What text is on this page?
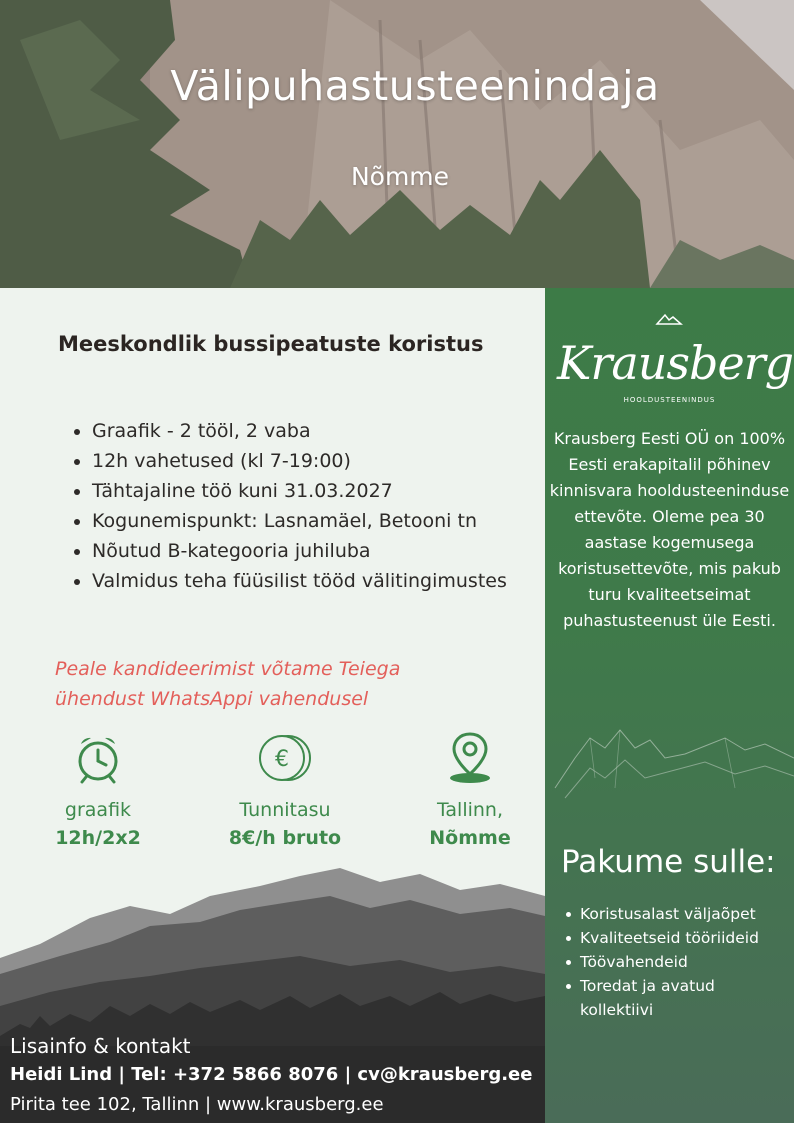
Välipuhastusteenindaja
Nõmme
Meeskondlik bussipeatuste koristus
Graafik - 2 tööl, 2 vaba
12h vahetused (kl 7-19:00)
Tähtajaline töö kuni 31.03.2027
Kogunemispunkt: Lasnamäel, Betooni tn
Nõutud B-kategooria juhiluba
Valmidus teha füüsilist tööd välitingimustes
Peale kandideerimist võtame Teiega ühendust WhatsAppi vahendusel
graafik
12h/2x2
€
Tunnitasu
8€/h bruto
Tallinn,
Nõmme
Lisainfo & kontakt
Heidi Lind | Tel: +372 5866 8076 | cv@krausberg.ee
Pirita tee 102, Tallinn | www.krausberg.ee
Krausberg
HOOLDUSTEENINDUS
Krausberg Eesti OÜ on 100% Eesti erakapitalil põhinev kinnisvara hooldusteeninduse ettevõte. Oleme pea 30 aastase kogemusega koristusettevõte, mis pakub turu kvaliteetseimat puhastusteenust üle Eesti.
Pakume sulle:
Koristusalast väljaõpet
Kvaliteetseid tööriideid
Töövahendeid
Toredat ja avatud kollektiivi
